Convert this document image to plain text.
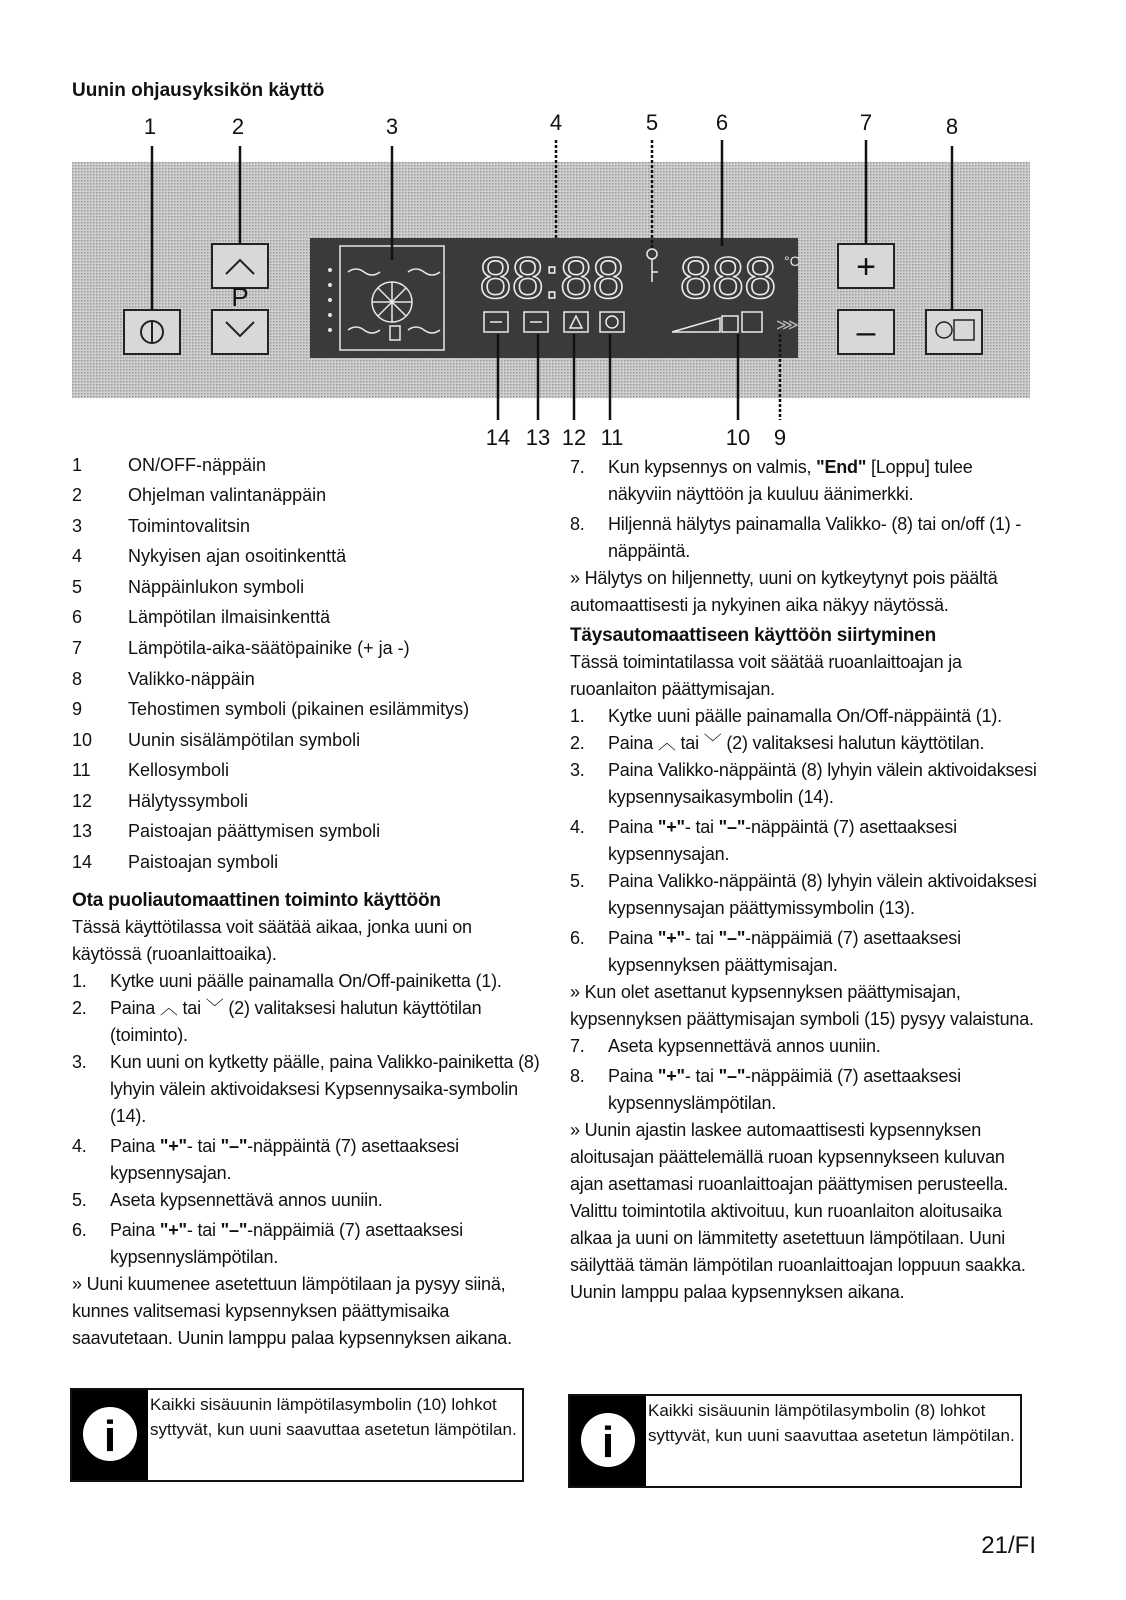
Uunin ohjausyksikön käyttö
P	88:88 888 °C
⋙
+
–
1	2	3	4	5	6	7	8
14 13 12 11	10 9
1	ON/OFF-näppäin
2	Ohjelman valintanäppäin
3	Toimintovalitsin
4	Nykyisen ajan osoitinkenttä
5	Näppäinlukon symboli
6	Lämpötilan ilmaisinkenttä
7	Lämpötila-aika-säätöpainike (+ ja -)
8	Valikko-näppäin
9	Tehostimen symboli (pikainen esilämmitys)
10 Uunin sisälämpötilan symboli
11 Kellosymboli
12 Hälytyssymboli
13 Paistoajan päättymisen symboli
14 Paistoajan symboli

Ota puoliautomaattinen toiminto käyttöön

Tässä käyttötilassa voit säätää aikaa, jonka uuni on käytössä (ruoanlaittoaika).

1. Kytke uuni päälle painamalla On/Off-painiketta (1).
2. Paina ︿ tai ﹀ (2) valitaksesi halutun käyttötilan (toiminto).
3. Kun uuni on kytketty päälle, paina Valikko-painiketta (8) lyhyin välein aktivoidaksesi Kypsennysaika-symbolin (14).
4. Paina "+"- tai "–"-näppäintä (7) asettaaksesi kypsennysajan.
5. Aseta kypsennettävä annos uuniin.
6. Paina "+"- tai "–"-näppäimiä (7) asettaaksesi kypsennyslämpötilan.

» Uuni kuumenee asetettuun lämpötilaan ja pysyy siinä, kunnes valitsemasi kypsennyksen päättymisaika saavutetaan. Uunin lamppu palaa kypsennyksen aikana.

i
Kaikki sisäuunin lämpötilasymbolin (10) lohkot syttyvät, kun uuni saavuttaa asetetun lämpötilan.
7. Kun kypsennys on valmis, "End" [Loppu] tulee näkyviin näyttöön ja kuuluu äänimerkki.
8. Hiljennä hälytys painamalla Valikko- (8) tai on/off (1) -näppäintä.

» Hälytys on hiljennetty, uuni on kytkeytynyt pois päältä automaattisesti ja nykyinen aika näkyy näytössä.

Täysautomaattiseen käyttöön siirtyminen

Tässä toimintatilassa voit säätää ruoanlaittoajan ja ruoanlaiton päättymisajan.

1. Kytke uuni päälle painamalla On/Off-näppäintä (1).
2. Paina ︿ tai ﹀ (2) valitaksesi halutun käyttötilan.
3. Paina Valikko-näppäintä (8) lyhyin välein aktivoidaksesi kypsennysaikasymbolin (14).
4. Paina "+"- tai "–"-näppäintä (7) asettaaksesi kypsennysajan.
5. Paina Valikko-näppäintä (8) lyhyin välein aktivoidaksesi kypsennysajan päättymissymbolin (13).
6. Paina "+"- tai "–"-näppäimiä (7) asettaaksesi kypsennyksen päättymisajan.

» Kun olet asettanut kypsennyksen päättymisajan, kypsennyksen päättymisajan symboli (15) pysyy valaistuna.

7. Aseta kypsennettävä annos uuniin.
8. Paina "+"- tai "–"-näppäimiä (7) asettaaksesi kypsennyslämpötilan.

» Uunin ajastin laskee automaattisesti kypsennyksen aloitusajan päättelemällä ruoan kypsennykseen kuluvan ajan asettamasi ruoanlaittoajan päättymisen perusteella. Valittu toimintotila aktivoituu, kun ruoanlaiton aloitusaika alkaa ja uuni on lämmitetty asetettuun lämpötilaan. Uuni säilyttää tämän lämpötilan ruoanlaittoajan loppuun saakka. Uunin lamppu palaa kypsennyksen aikana.

i
Kaikki sisäuunin lämpötilasymbolin (8) lohkot syttyvät, kun uuni saavuttaa asetetun lämpötilan.
21/FI
